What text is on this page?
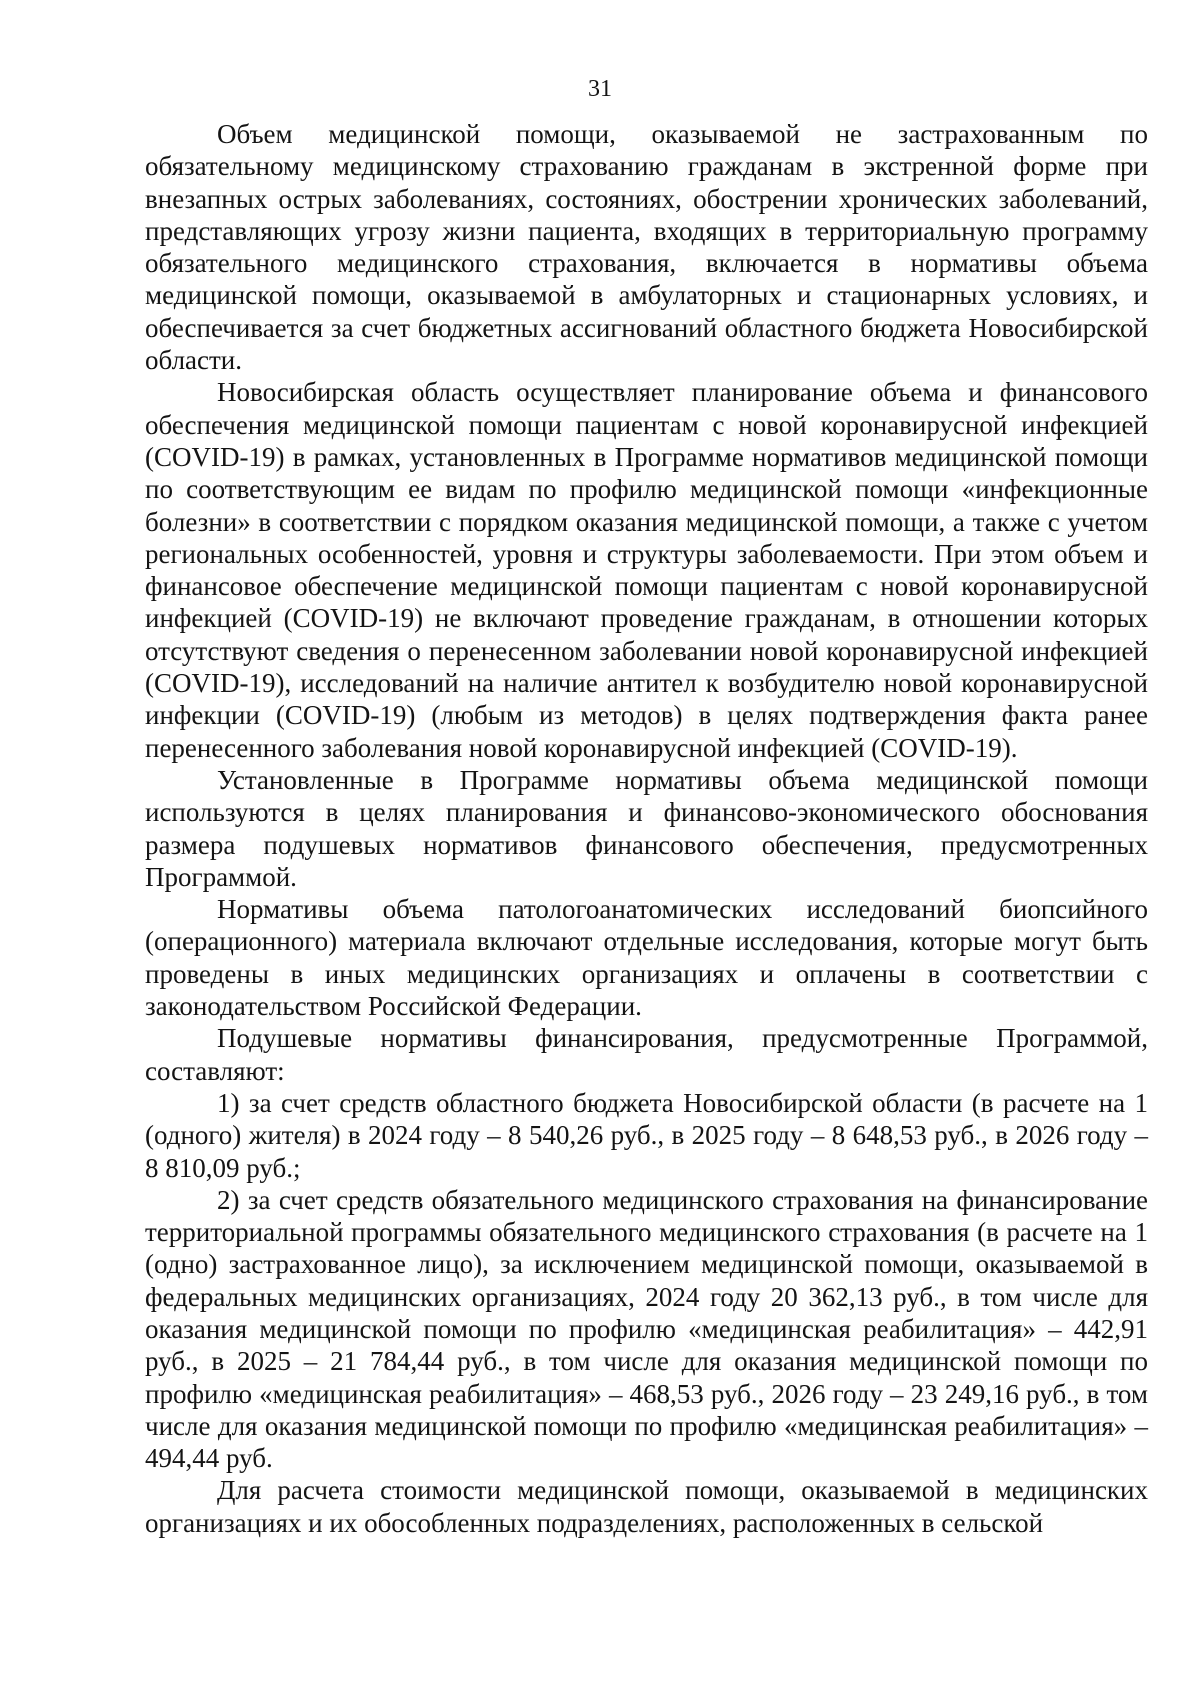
31

Объем медицинской помощи, оказываемой не застрахованным по обязательному медицинскому страхованию гражданам в экстренной форме при внезапных острых заболеваниях, состояниях, обострении хронических заболеваний, представляющих угрозу жизни пациента, входящих в территориальную программу обязательного медицинского страхования, включается в нормативы объема медицинской помощи, оказываемой в амбулаторных и стационарных условиях, и обеспечивается за счет бюджетных ассигнований областного бюджета Новосибирской области.

Новосибирская область осуществляет планирование объема и финансового обеспечения медицинской помощи пациентам с новой коронавирусной инфекцией (COVID-19) в рамках, установленных в Программе нормативов медицинской помощи по соответствующим ее видам по профилю медицинской помощи «инфекционные болезни» в соответствии с порядком оказания медицинской помощи, а также с учетом региональных особенностей, уровня и структуры заболеваемости. При этом объем и финансовое обеспечение медицинской помощи пациентам с новой коронавирусной инфекцией (COVID-19) не включают проведение гражданам, в отношении которых отсутствуют сведения о перенесенном заболевании новой коронавирусной инфекцией (COVID-19), исследований на наличие антител к возбудителю новой коронавирусной инфекции (COVID-19) (любым из методов) в целях подтверждения факта ранее перенесенного заболевания новой коронавирусной инфекцией (COVID-19).

Установленные в Программе нормативы объема медицинской помощи используются в целях планирования и финансово-экономического обоснования размера подушевых нормативов финансового обеспечения, предусмотренных Программой.

Нормативы объема патологоанатомических исследований биопсийного (операционного) материала включают отдельные исследования, которые могут быть проведены в иных медицинских организациях и оплачены в соответствии с законодательством Российской Федерации.

Подушевые нормативы финансирования, предусмотренные Программой, составляют:

1) за счет средств областного бюджета Новосибирской области (в расчете на 1 (одного) жителя) в 2024 году – 8 540,26 руб., в 2025 году – 8 648,53 руб., в 2026 году – 8 810,09 руб.;

2) за счет средств обязательного медицинского страхования на финансирование территориальной программы обязательного медицинского страхования (в расчете на 1 (одно) застрахованное лицо), за исключением медицинской помощи, оказываемой в федеральных медицинских организациях, 2024 году 20 362,13 руб., в том числе для оказания медицинской помощи по профилю «медицинская реабилитация» – 442,91 руб., в 2025 – 21 784,44 руб., в том числе для оказания медицинской помощи по профилю «медицинская реабилитация» – 468,53 руб., 2026 году – 23 249,16 руб., в том числе для оказания медицинской помощи по профилю «медицинская реабилитация» – 494,44 руб.

Для расчета стоимости медицинской помощи, оказываемой в медицинских организациях и их обособленных подразделениях, расположенных в сельской
